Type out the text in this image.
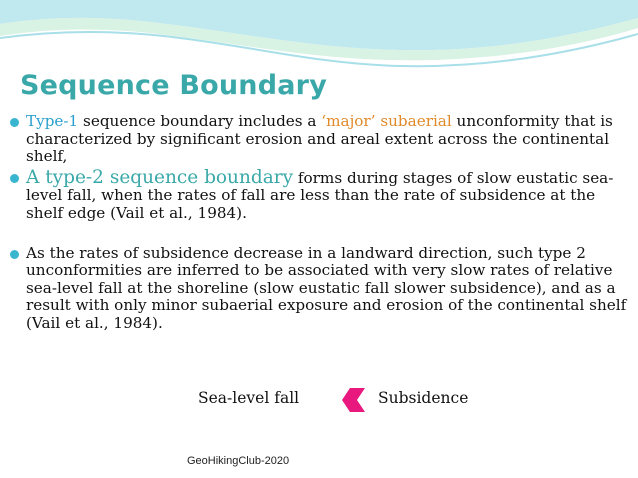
Sequence Boundary
Type-1 sequence boundary includes a ‘major’ subaerial unconformity that is characterized by significant erosion and areal extent across the continental shelf,
A type-2 sequence boundary forms during stages of slow eustatic sea-level fall, when the rates of fall are less than the rate of subsidence at the shelf edge (Vail et al., 1984).
As the rates of subsidence decrease in a landward direction, such type 2 unconformities are inferred to be associated with very slow rates of relative sea-level fall at the shoreline (slow eustatic fall slower subsidence), and as a result with only minor subaerial exposure and erosion of the continental shelf (Vail et al., 1984).
Sea-level fall	Subsidence
GeoHikingClub-2020
